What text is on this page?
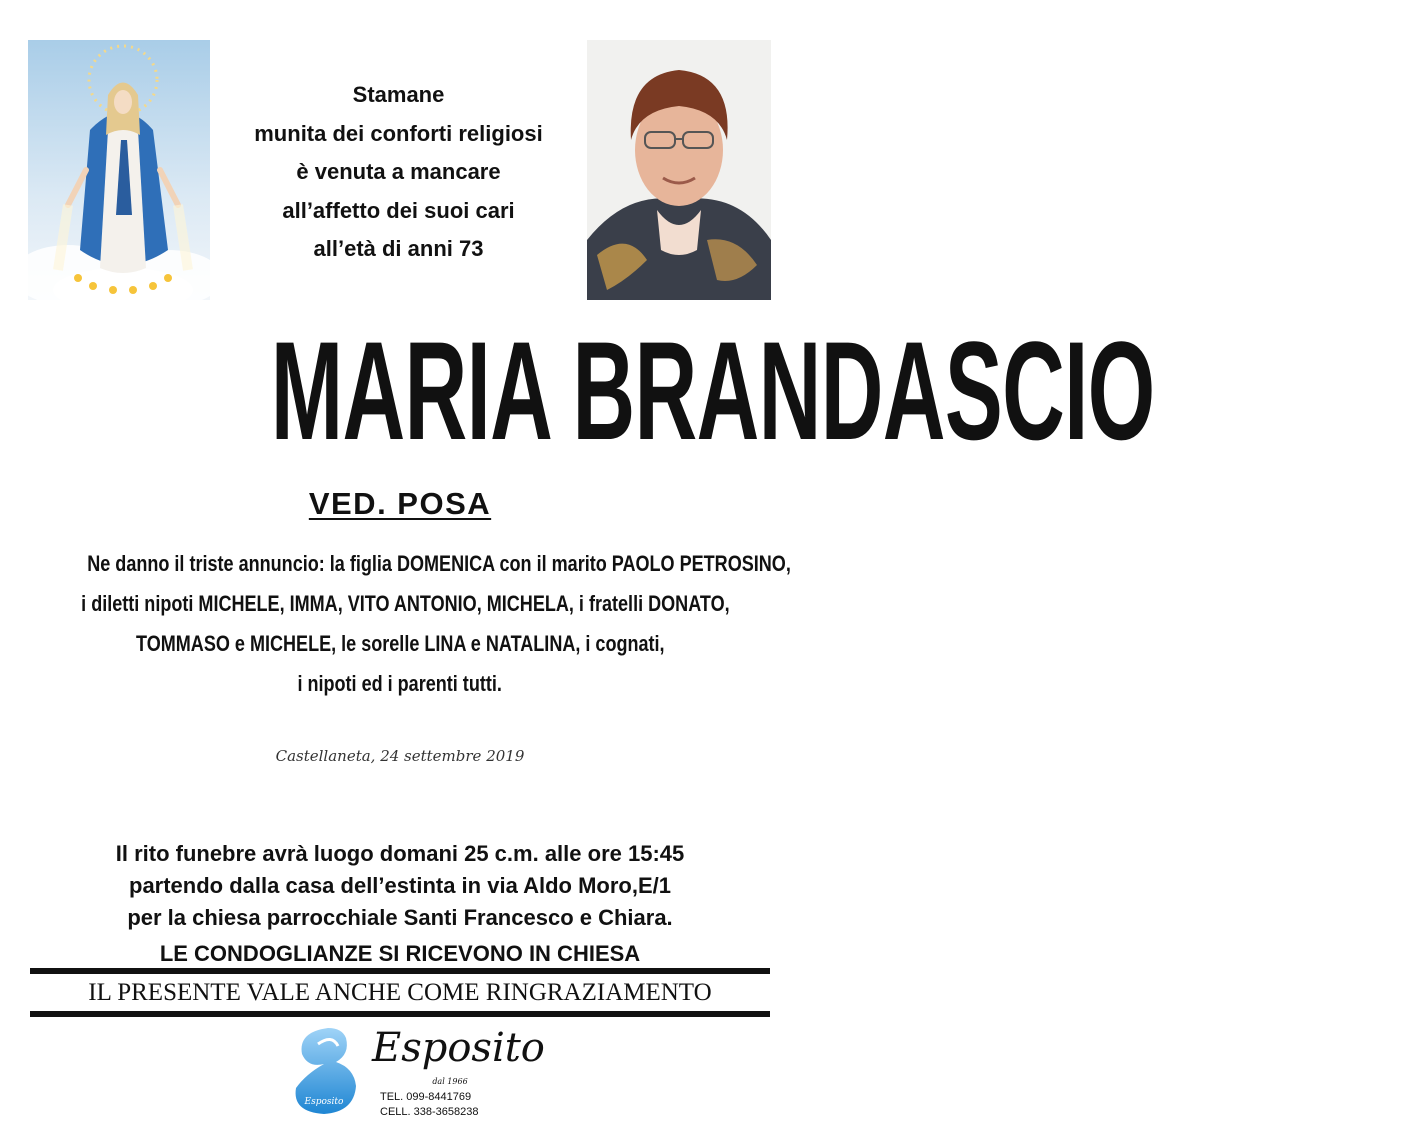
Stamane
munita dei conforti religiosi
è venuta a mancare
all’affetto dei suoi cari
all’età di anni 73
MARIA BRANDASCIO
VED. POSA
Ne danno il triste annuncio: la figlia DOMENICA con il marito PAOLO PETROSINO,
i diletti nipoti MICHELE, IMMA, VITO ANTONIO, MICHELA, i fratelli DONATO,
TOMMASO e MICHELE, le sorelle LINA e NATALINA, i cognati,
i nipoti ed i parenti tutti.
Castellaneta, 24 settembre 2019
Il rito funebre avrà luogo domani 25 c.m. alle ore 15:45
partendo dalla casa dell’estinta in via Aldo Moro,E/1
per la chiesa parrocchiale Santi Francesco e Chiara.
LE CONDOGLIANZE SI RICEVONO IN CHIESA
IL PRESENTE VALE ANCHE COME RINGRAZIAMENTO
Esposito
Esposito
dal 1966
TEL. 099-8441769
CELL. 338-3658238
